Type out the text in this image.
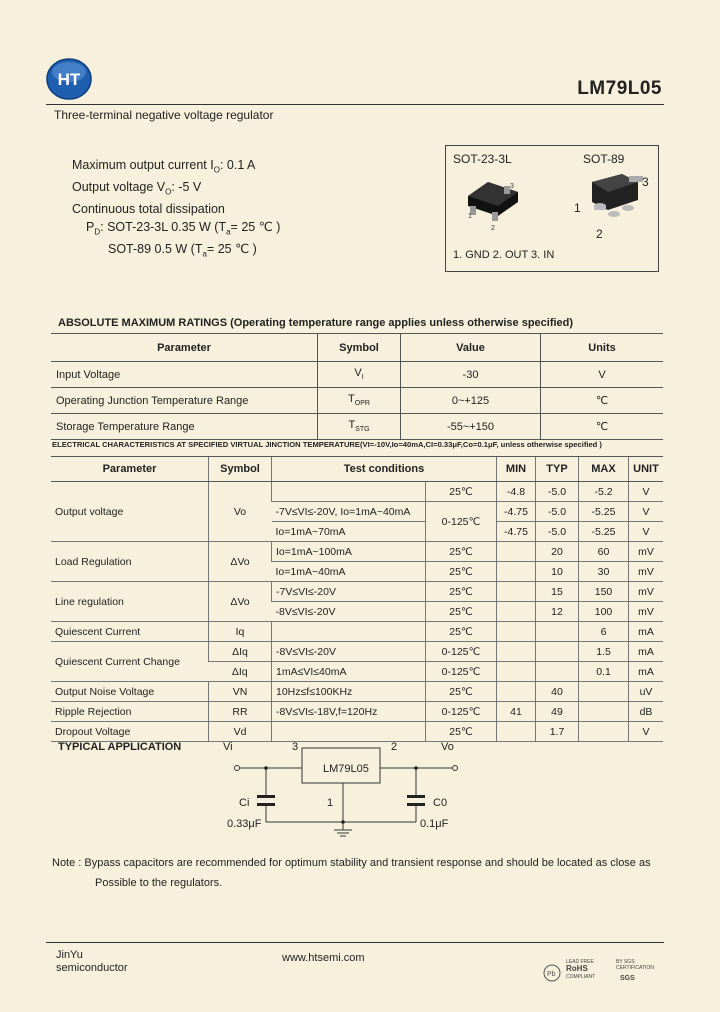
HT	LM79L05
Three-terminal negative voltage regulator
Maximum output current $I_O$: 0.1 A
Output voltage $V_O$: -5 V
Continuous total dissipation
$P_D$: SOT-23-3L 0.35 W ($T_a= 25$ ℃ )
SOT-89 0.5 W ($T_a= 25$ ℃ )
SOT-23-3L	SOT-89
1
2
3	3
1
2
1. GND 2. OUT 3. IN
ABSOLUTE MAXIMUM RATINGS (Operating temperature range applies unless otherwise specified)
Parameter	Symbol	Value	Units
Input Voltage	$V_I$	-30	V
Operating Junction Temperature Range	$T_{OPR}$	0~+125	℃
Storage Temperature Range	$T_{STG}$	-55~+150	℃
ELECTRICAL CHARACTERISTICS AT SPECIFIED VIRTUAL JINCTION TEMPERATURE(VI=-10V,Io=40mA,CI=0.33μF,Co=0.1μF, unless otherwise specified )
Parameter	Symbol	Test conditions		MIN	TYP	MAX	UNIT
Output voltage	Vo		25℃	-4.8	-5.0	-5.2	V
		-7V≤VI≤-20V, Io=1mA~40mA	0-125℃	-4.75	-5.0	-5.25	V
		Io=1mA~70mA		-4.75	-5.0	-5.25	V
Load Regulation	ΔVo	Io=1mA~100mA	25℃		20	60	mV
		Io=1mA~40mA	25℃		10	30	mV
Line regulation	ΔVo	-7V≤VI≤-20V	25℃		15	150	mV
		-8V≤VI≤-20V	25℃		12	100	mV
Quiescent Current	Iq		25℃			6	mA
Quiescent Current Change	ΔIq	-8V≤VI≤-20V	0-125℃			1.5	mA
	ΔIq	1mA≤VI≤40mA	0-125℃			0.1	mA
Output Noise Voltage	VN	10Hz≤f≤100KHz	25℃		40		uV
Ripple Rejection	RR	-8V≤VI≤-18V,f=120Hz	0-125℃	41	49		dB
Dropout Voltage	Vd		25℃		1.7		V
TYPICAL APPLICATION	Vi	3	2	Vo
LM79L05
1
Ci
0.33μF
C0
0.1μF
Note : Bypass capacitors are recommended for optimum stability and transient response and should be located as close as
Possible to the regulators.
JinYu
semiconductor
www.htsemi.com
Pb
LEAD FREE
RoHS
COMPLIANT
BY SGS
CERTIFICATION
SGS
